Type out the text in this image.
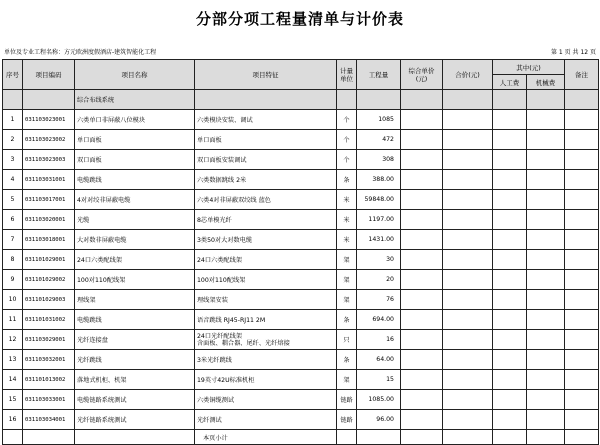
分部分项工程量清单与计价表
单位及专业工程名称：方元欧洲度假酒店-建筑智能化工程	第 1 页 共 12 页
序号	项目编码	项目名称	项目特征	计量单位	工程量	综合单价(元)	合价(元)	其中(元)		备注
								人工费	机械费	
		综合布线系统								
1	031103023001	六类单口非屏蔽八位模块	六类模块安装、调试	个	1085					
2	031103023002	单口面板	单口面板	个	472					
3	031103023003	双口面板	双口面板安装调试	个	308					
4	031103031001	电缆跳线	六类数据跳线 2米	条	388.00					
5	031103017001	4对对绞非屏蔽电缆	六类4对非屏蔽双绞线 蓝色	米	59848.00					
6	031103020001	光缆	8芯单模光纤	米	1197.00					
7	031103018001	大对数非屏蔽电缆	3类50对大对数电缆	米	1431.00					
8	031101029001	24口六类配线架	24口六类配线架	架	30					
9	031101029002	100对110配线架	100对110配线架	架	20					
10	031101029003	理线架	理线架安装	架	76					
11	031101031002	电缆跳线	语音跳线 RJ45-RJ11 2M	条	694.00					
12	031103029001	光纤连接盘	24口光纤配线架
含面板、耦合器、尾纤、光纤熔接	只	16					
13	031103032001	光纤跳线	3米光纤跳线	条	64.00					
14	031101013002	落地式机柜、机架	19英寸42U标准机柜	架	15					
15	031103033001	电缆链路系统测试	六类铜缆测试	链路	1085.00					
16	031103034001	光纤链路系统测试	光纤测试	链路	96.00					
			本页小计							
